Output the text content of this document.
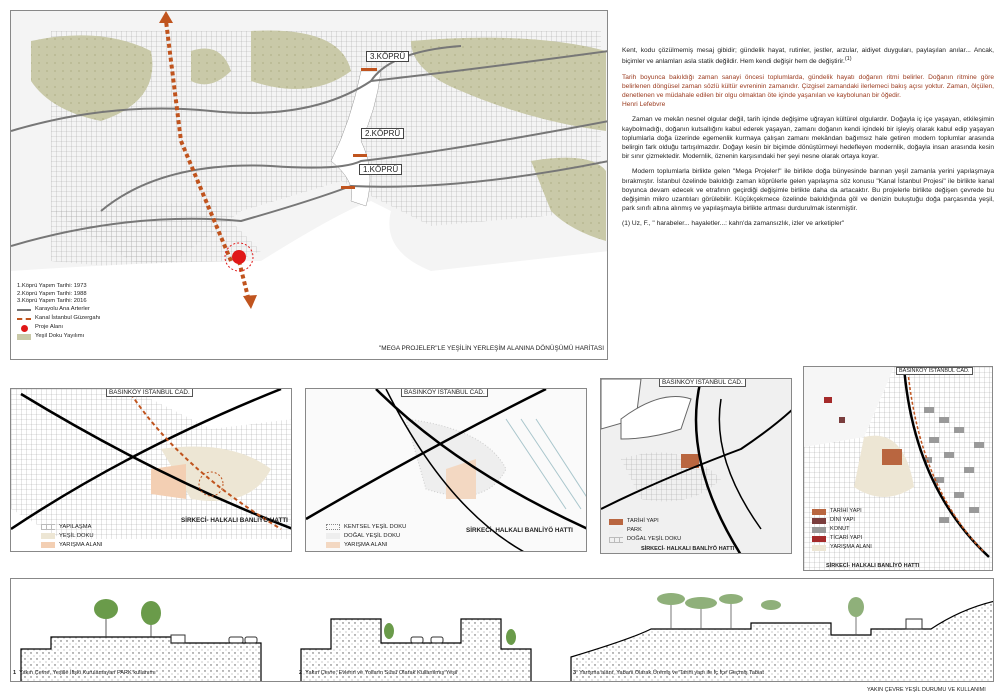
3.KÖPRÜ
2.KÖPRÜ
1.KÖPRÜ
1.Köprü Yapım Tarihi: 1973
2.Köprü Yapım Tarihi: 1988
3.Köprü Yapım Tarihi: 2016
Karayolu Ana Arterler
Kanal İstanbul Güzergahı
Proje Alanı
Yeşil Doku Yayılımı
"MEGA PROJELER"LE YEŞİLİN YERLEŞİM ALANINA DÖNÜŞÜMÜ HARİTASI

Kent, kodu çözülmemiş mesaj gibidir; gündelik hayat, rutinler, jestler, arzular, aidiyet duyguları, paylaşılan anılar... Ancak, biçimler ve anlamları asla statik değildir. Hem kendi değişir hem de değiştirir.$^{(1)}$

Tarih boyunca bakıldığı zaman sanayi öncesi toplumlarda, gündelik hayatı doğanın ritmi belirler. Doğanın ritmine göre belirlenen döngüsel zaman sözlü kültür evreninin zamanıdır. Çizgisel zamandaki ilerlemeci bakış açısı yoktur. Zaman, ölçülen, denetlenen ve müdahale edilen bir olgu olmaktan öte içinde yaşanılan ve kaybolunan bir öğedir.

Henri Lefebvre

Zaman ve mekân nesnel olgular değil, tarih içinde değişime uğrayan kültürel olgulardır. Doğayla iç içe yaşayan, etkileşimin kaybolmadığı, doğanın kutsallığını kabul ederek yaşayan, zamanı doğanın kendi içindeki bir işleyiş olarak kabul edip yaşayan toplumlarla doğa üzerinde egemenlik kurmaya çalışan zamanı mekândan bağımsız hale getiren modern toplumlar arasında belirgin fark olduğu tartışılmazdır. Doğayı kesin bir biçimde dönüştürmeyi hedefleyen modernlik, doğayla insan arasında kesin bir sınır çizmektedir. Modernlik, öznenin karşısındaki her şeyi nesne olarak ortaya koyar.

Modern toplumlarla birlikte gelen "Mega Projeler!" ile birlikte doğa bünyesinde barınan yeşil zamanla yerini yapılaşmaya bırakmıştır. İstanbul özelinde bakıldığı zaman köprülerle gelen yapılaşma söz konusu "Kanal İstanbul Projesi" ile birlikte kanal boyunca devam edecek ve etrafının geçirdiği değişimle birlikte daha da artacaktır. Bu projelerle birlikte değişen çevrede bu değişimin mikro uzantıları görülebilir. Küçükçekmece özelinde bakıldığında göl ve denizin buluştuğu doğa parçasında yeşil, park sınıfı altına alınmış ve yapılaşmayla birlikte artması durdurulmak istenmiştir.

(1) Uz, F., " harabeler... hayaletler...: kahn'da zamansızlık, izler ve arketipler"

BASINKÖY İSTANBUL CAD.
SİRKECİ- HALKALI BANLİYÖ HATTI
YAPILAŞMA
YEŞİL DOKU
YARIŞMA ALANI
BASINKÖY İSTANBUL CAD.
SİRKECİ- HALKALI BANLİYÖ HATTI
KENTSEL YEŞİL DOKU
DOĞAL YEŞİL DOKU
YARIŞMA ALANI
BASINKÖY İSTANBUL CAD.
SİRKECİ- HALKALI BANLİYÖ HATTI
TARİHİ YAPI
PARK
DOĞAL YEŞİL DOKU
BASINKÖY İSTANBUL CAD.
SİRKECİ- HALKALI BANLİYÖ HATTI
TARİHİ YAPI
DİNİ YAPI
KONUT
TİCARİ YAPI
YARIŞMA ALANI
1 Yakın Çevre, Yeşille İlişki Kurulamayan PARK kullanımı	2 Yakın Çevre, Evlerin ve Yolların Süsü Olarak Kullanılmış Yeşil	3 Yarışma alanı, Yabani Olarak Üremiş ve Tarihi yapı ile İç İçe Geçmiş Tabiat
YAKIN ÇEVRE YEŞİL DURUMU VE KULLANIMI
